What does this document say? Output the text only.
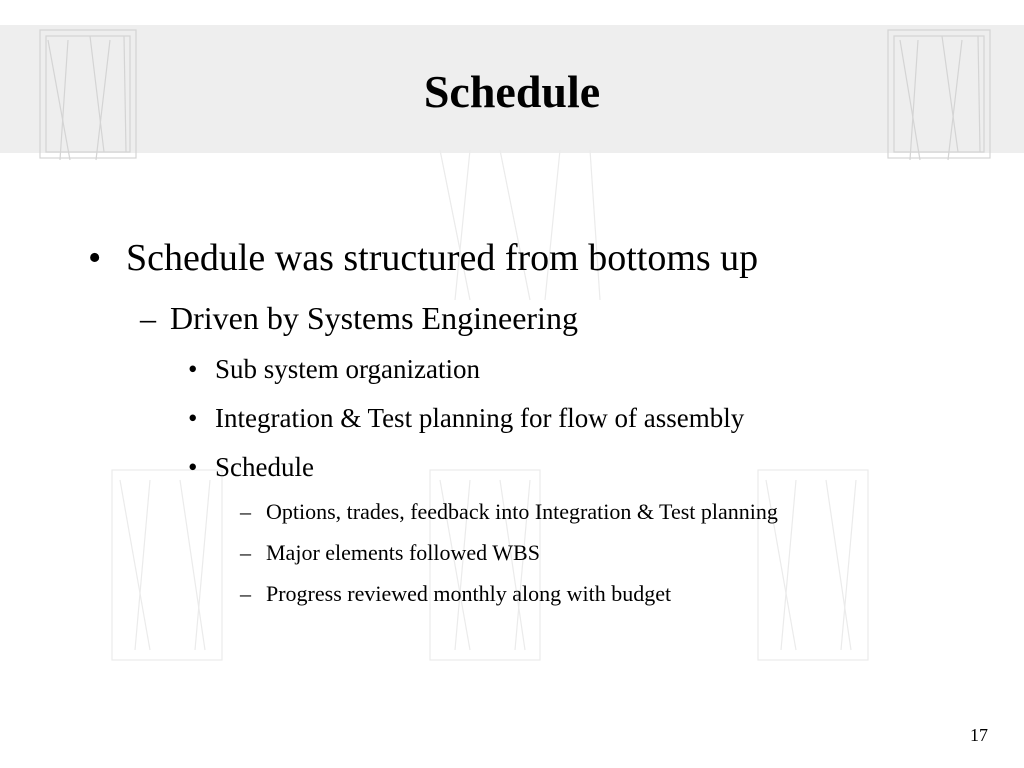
Schedule
• Schedule was structured from bottoms up
– Driven by Systems Engineering
• Sub system organization
• Integration & Test planning for flow of assembly
• Schedule
– Options, trades, feedback into Integration & Test planning
– Major elements followed WBS
– Progress reviewed monthly along with budget
17
